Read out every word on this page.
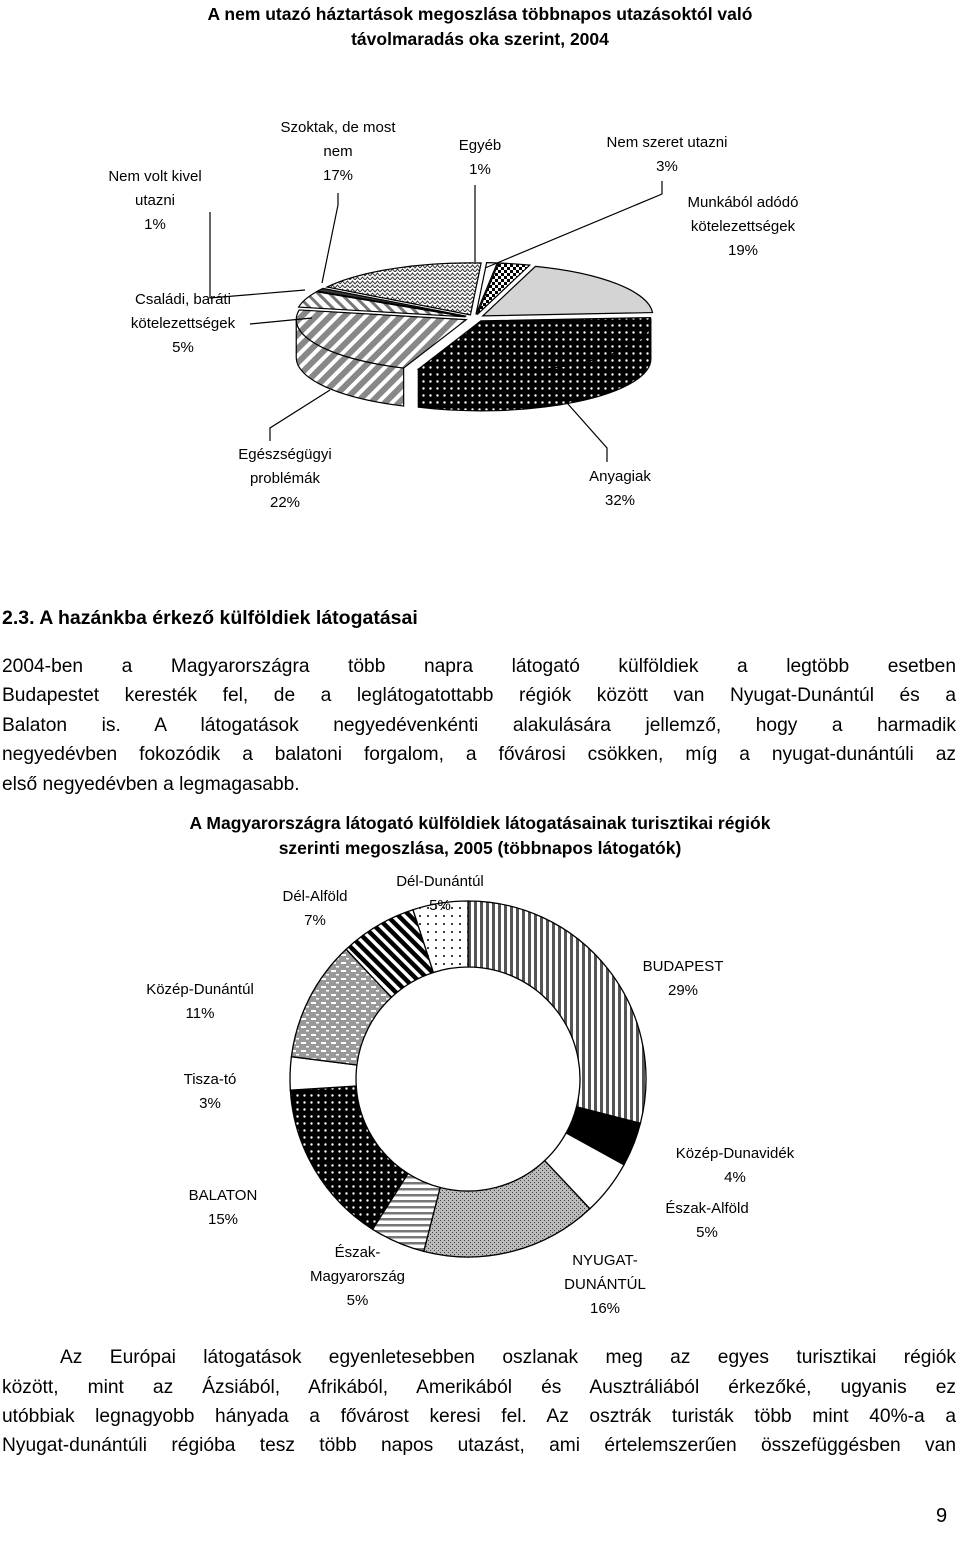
A nem utazó háztartások megoszlása többnapos utazásoktól való
távolmaradás oka szerint, 2004
Nem volt kivel
utazni
1%
Szoktak, de most
nem
17%
Egyéb
1%
Nem szeret utazni
3%
Munkából adódó
kötelezettségek
19%
Családi, baráti
kötelezettségek
5%
Egészségügyi
problémák
22%
Anyagiak
32%
2.3. A hazánkba érkező külföldiek látogatásai
2004-ben a Magyarországra több napra látogató külföldiek a legtöbb esetben
Budapestet keresték fel, de a leglátogatottabb régiók között van Nyugat-Dunántúl és a
Balaton is. A látogatások negyedévenkénti alakulására jellemző, hogy a harmadik
negyedévben fokozódik a balatoni forgalom, a fővárosi csökken, míg a nyugat-dunántúli az
első negyedévben a legmagasabb.
A Magyarországra látogató külföldiek látogatásainak turisztikai régiók
szerinti megoszlása, 2005 (többnapos látogatók)
Dél-Dunántúl
5%
Dél-Alföld
7%
BUDAPEST
29%
Közép-Dunántúl
11%
Tisza-tó
3%
Közép-Dunavidék
4%
BALATON
15%
Észak-Alföld
5%
Észak-
Magyarország
5%
NYUGAT-
DUNÁNTÚL
16%
Az Európai látogatások egyenletesebben oszlanak meg az egyes turisztikai régiók
között, mint az Ázsiából, Afrikából, Amerikából és Ausztráliából érkezőké, ugyanis ez
utóbbiak legnagyobb hányada a fővárost keresi fel. Az osztrák turisták több mint 40%-a a
Nyugat-dunántúli régióba tesz több napos utazást, ami értelemszerűen összefüggésben van
9
